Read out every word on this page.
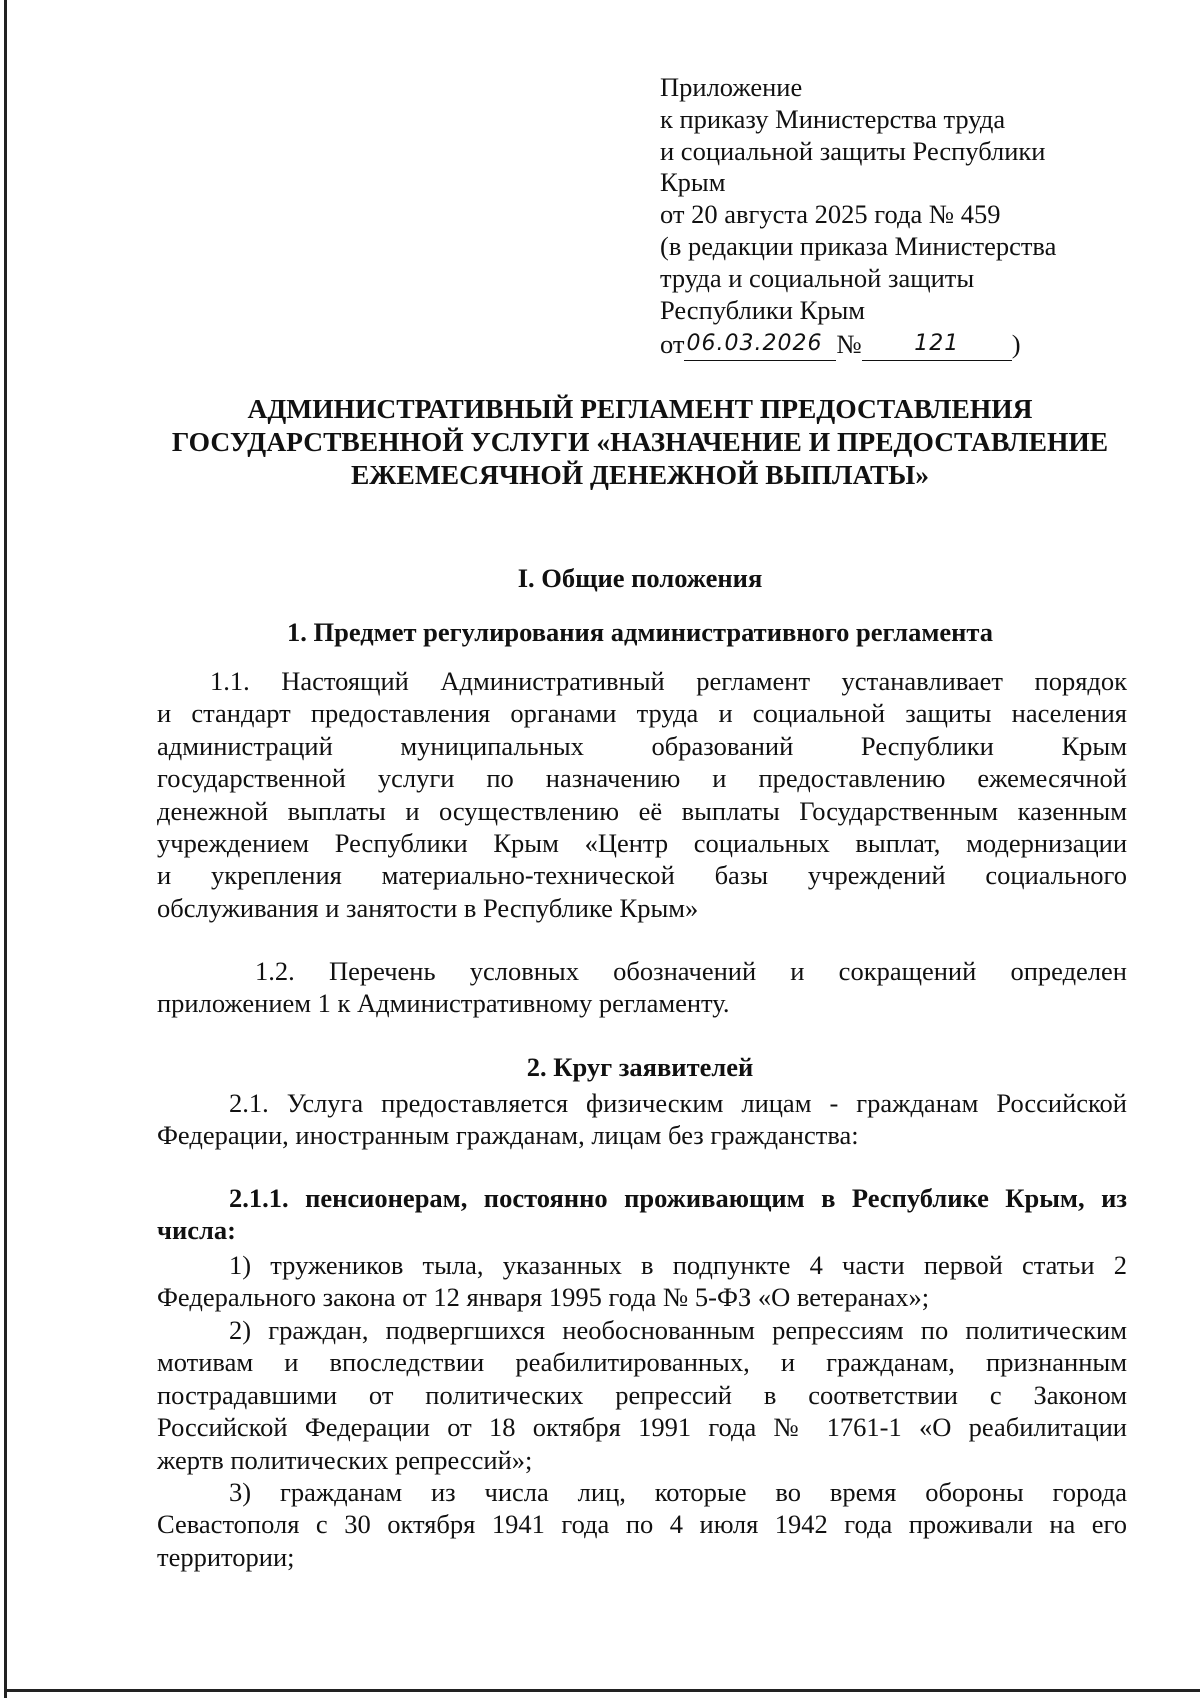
Приложение
к приказу Министерства труда
и социальной защиты Республики
Крым
от 20 августа 2025 года № 459
(в редакции приказа Министерства
труда и социальной защиты
Республики Крым
от 06.03.2026 №	121	)
АДМИНИСТРАТИВНЫЙ РЕГЛАМЕНТ ПРЕДОСТАВЛЕНИЯ
ГОСУДАРСТВЕННОЙ УСЛУГИ «НАЗНАЧЕНИЕ И ПРЕДОСТАВЛЕНИЕ
ЕЖЕМЕСЯЧНОЙ ДЕНЕЖНОЙ ВЫПЛАТЫ»
I. Общие положения
1. Предмет регулирования административного регламента
1.1. Настоящий Административный регламент устанавливает порядок
и стандарт предоставления органами труда и социальной защиты населения
администраций муниципальных образований Республики Крым
государственной услуги по назначению и предоставлению ежемесячной
денежной выплаты и осуществлению её выплаты Государственным казенным
учреждением Республики Крым «Центр социальных выплат, модернизации
и укрепления материально-технической базы учреждений социального
обслуживания и занятости в Республике Крым»
1.2. Перечень условных обозначений и сокращений определен
приложением 1 к Административному регламенту.
2. Круг заявителей
2.1. Услуга предоставляется физическим лицам - гражданам Российской
Федерации, иностранным гражданам, лицам без гражданства:
2.1.1. пенсионерам, постоянно проживающим в Республике Крым, из
числа:
1) тружеников тыла, указанных в подпункте 4 части первой статьи 2
Федерального закона от 12 января 1995 года № 5-ФЗ «О ветеранах»;
2) граждан, подвергшихся необоснованным репрессиям по политическим
мотивам и впоследствии реабилитированных, и гражданам, признанным
пострадавшими от политических репрессий в соответствии с Законом
Российской Федерации от 18 октября 1991 года № 1761-1 «О реабилитации
жертв политических репрессий»;
3) гражданам из числа лиц, которые во время обороны города
Севастополя с 30 октября 1941 года по 4 июля 1942 года проживали на его
территории;
